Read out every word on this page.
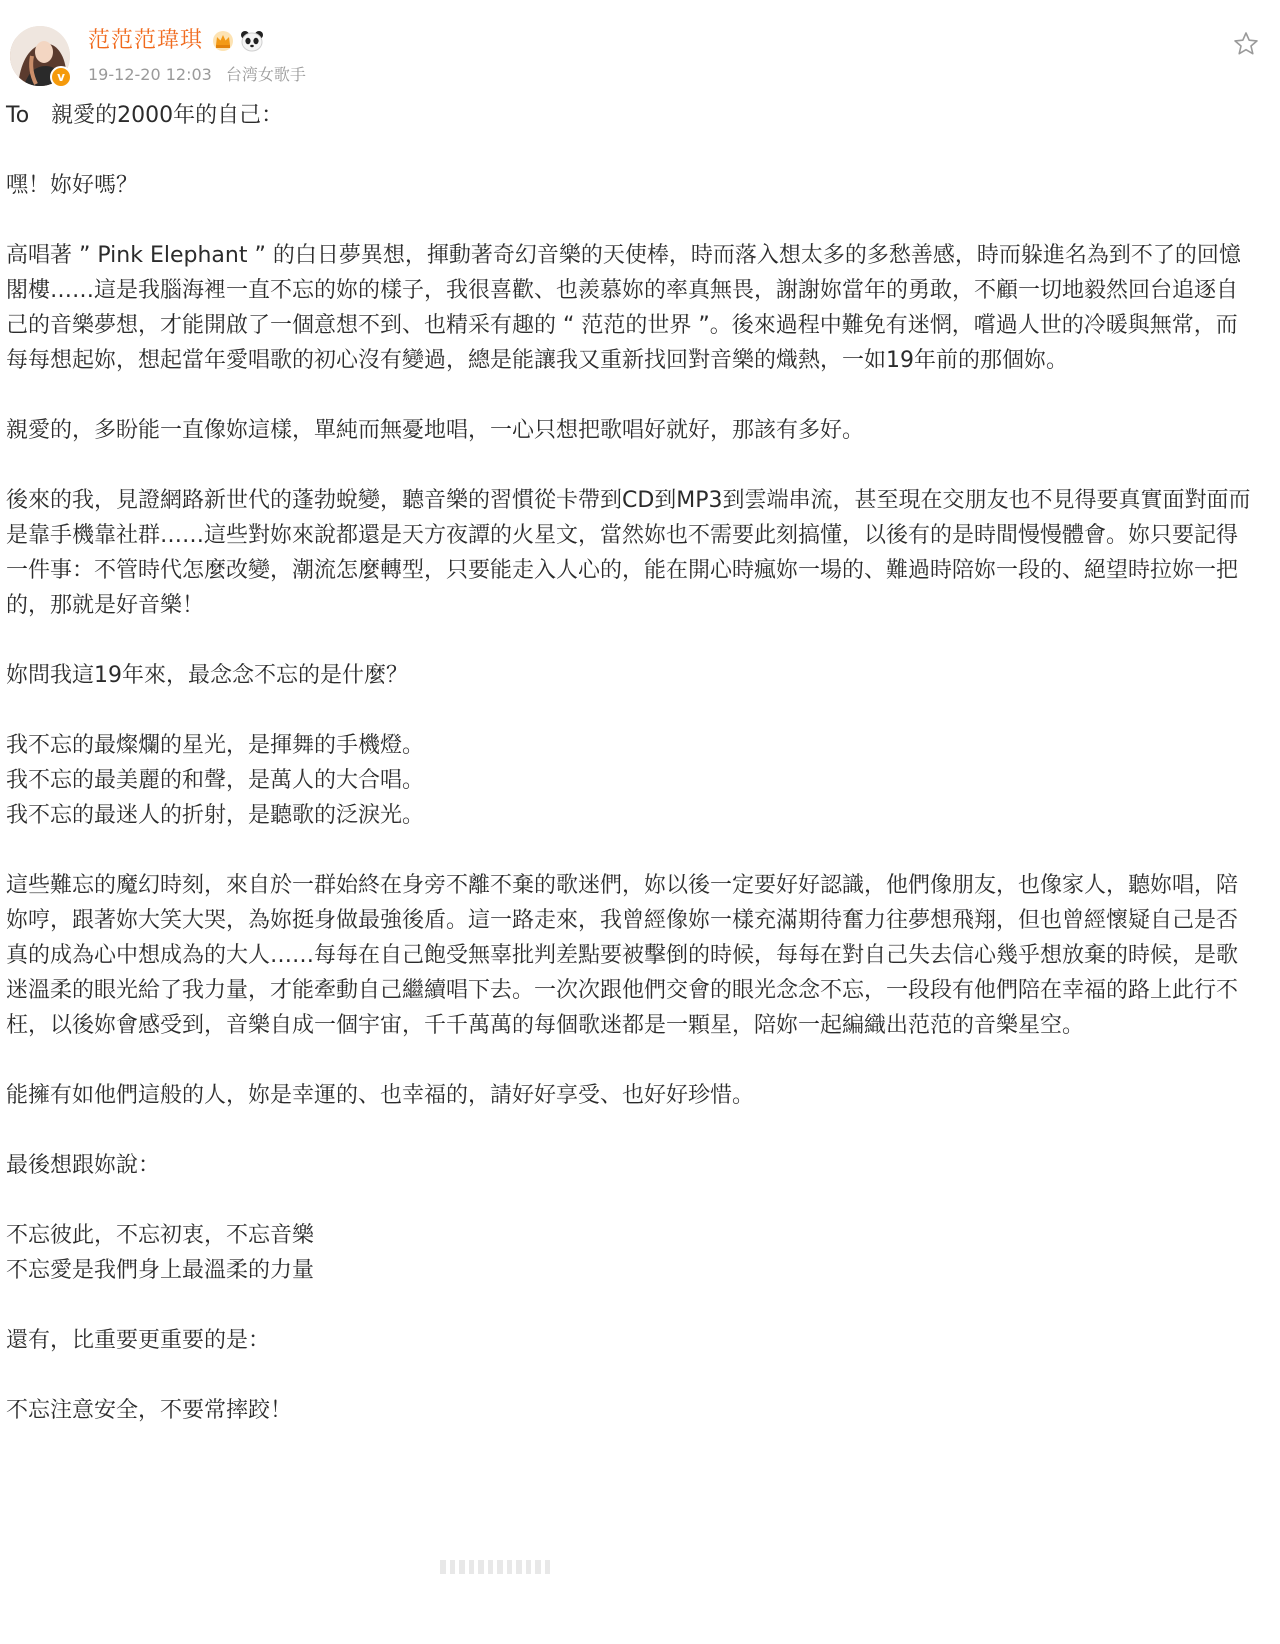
v
范范范瑋琪
19-12-20 12:03 台湾女歌手

To　親愛的2000年的自己：

嘿！妳好嗎？

高唱著 ” Pink Elephant ” 的白日夢異想，揮動著奇幻音樂的天使棒，時而落入想太多的多愁善感，時而躲進名為到不了的回憶閣樓……這是我腦海裡一直不忘的妳的樣子，我很喜歡、也羨慕妳的率真無畏，謝謝妳當年的勇敢，不顧一切地毅然回台追逐自己的音樂夢想，才能開啟了一個意想不到、也精采有趣的 “ 范范的世界 ”。後來過程中難免有迷惘，嚐過人世的冷暖與無常，而每每想起妳，想起當年愛唱歌的初心沒有變過，總是能讓我又重新找回對音樂的熾熱，一如19年前的那個妳。

親愛的，多盼能一直像妳這樣，單純而無憂地唱，一心只想把歌唱好就好，那該有多好。

後來的我，見證網路新世代的蓬勃蛻變，聽音樂的習慣從卡帶到CD到MP3到雲端串流，甚至現在交朋友也不見得要真實面對面而是靠手機靠社群……這些對妳來說都還是天方夜譚的火星文，當然妳也不需要此刻搞懂，以後有的是時間慢慢體會。妳只要記得一件事：不管時代怎麼改變，潮流怎麼轉型，只要能走入人心的，能在開心時瘋妳一場的、難過時陪妳一段的、絕望時拉妳一把的，那就是好音樂！

妳問我這19年來，最念念不忘的是什麼？

我不忘的最燦爛的星光，是揮舞的手機燈。

我不忘的最美麗的和聲，是萬人的大合唱。

我不忘的最迷人的折射，是聽歌的泛淚光。

這些難忘的魔幻時刻，來自於一群始終在身旁不離不棄的歌迷們，妳以後一定要好好認識，他們像朋友，也像家人，聽妳唱，陪妳哼，跟著妳大笑大哭，為妳挺身做最強後盾。這一路走來，我曾經像妳一樣充滿期待奮力往夢想飛翔，但也曾經懷疑自己是否真的成為心中想成為的大人……每每在自己飽受無辜批判差點要被擊倒的時候，每每在對自己失去信心幾乎想放棄的時候，是歌迷溫柔的眼光給了我力量，才能牽動自己繼續唱下去。一次次跟他們交會的眼光念念不忘，一段段有他們陪在幸福的路上此行不枉，以後妳會感受到，音樂自成一個宇宙，千千萬萬的每個歌迷都是一顆星，陪妳一起編織出范范的音樂星空。

能擁有如他們這般的人，妳是幸運的、也幸福的，請好好享受、也好好珍惜。

最後想跟妳說：

不忘彼此，不忘初衷，不忘音樂

不忘愛是我們身上最溫柔的力量

還有，比重要更重要的是：

不忘注意安全，不要常摔跤！
